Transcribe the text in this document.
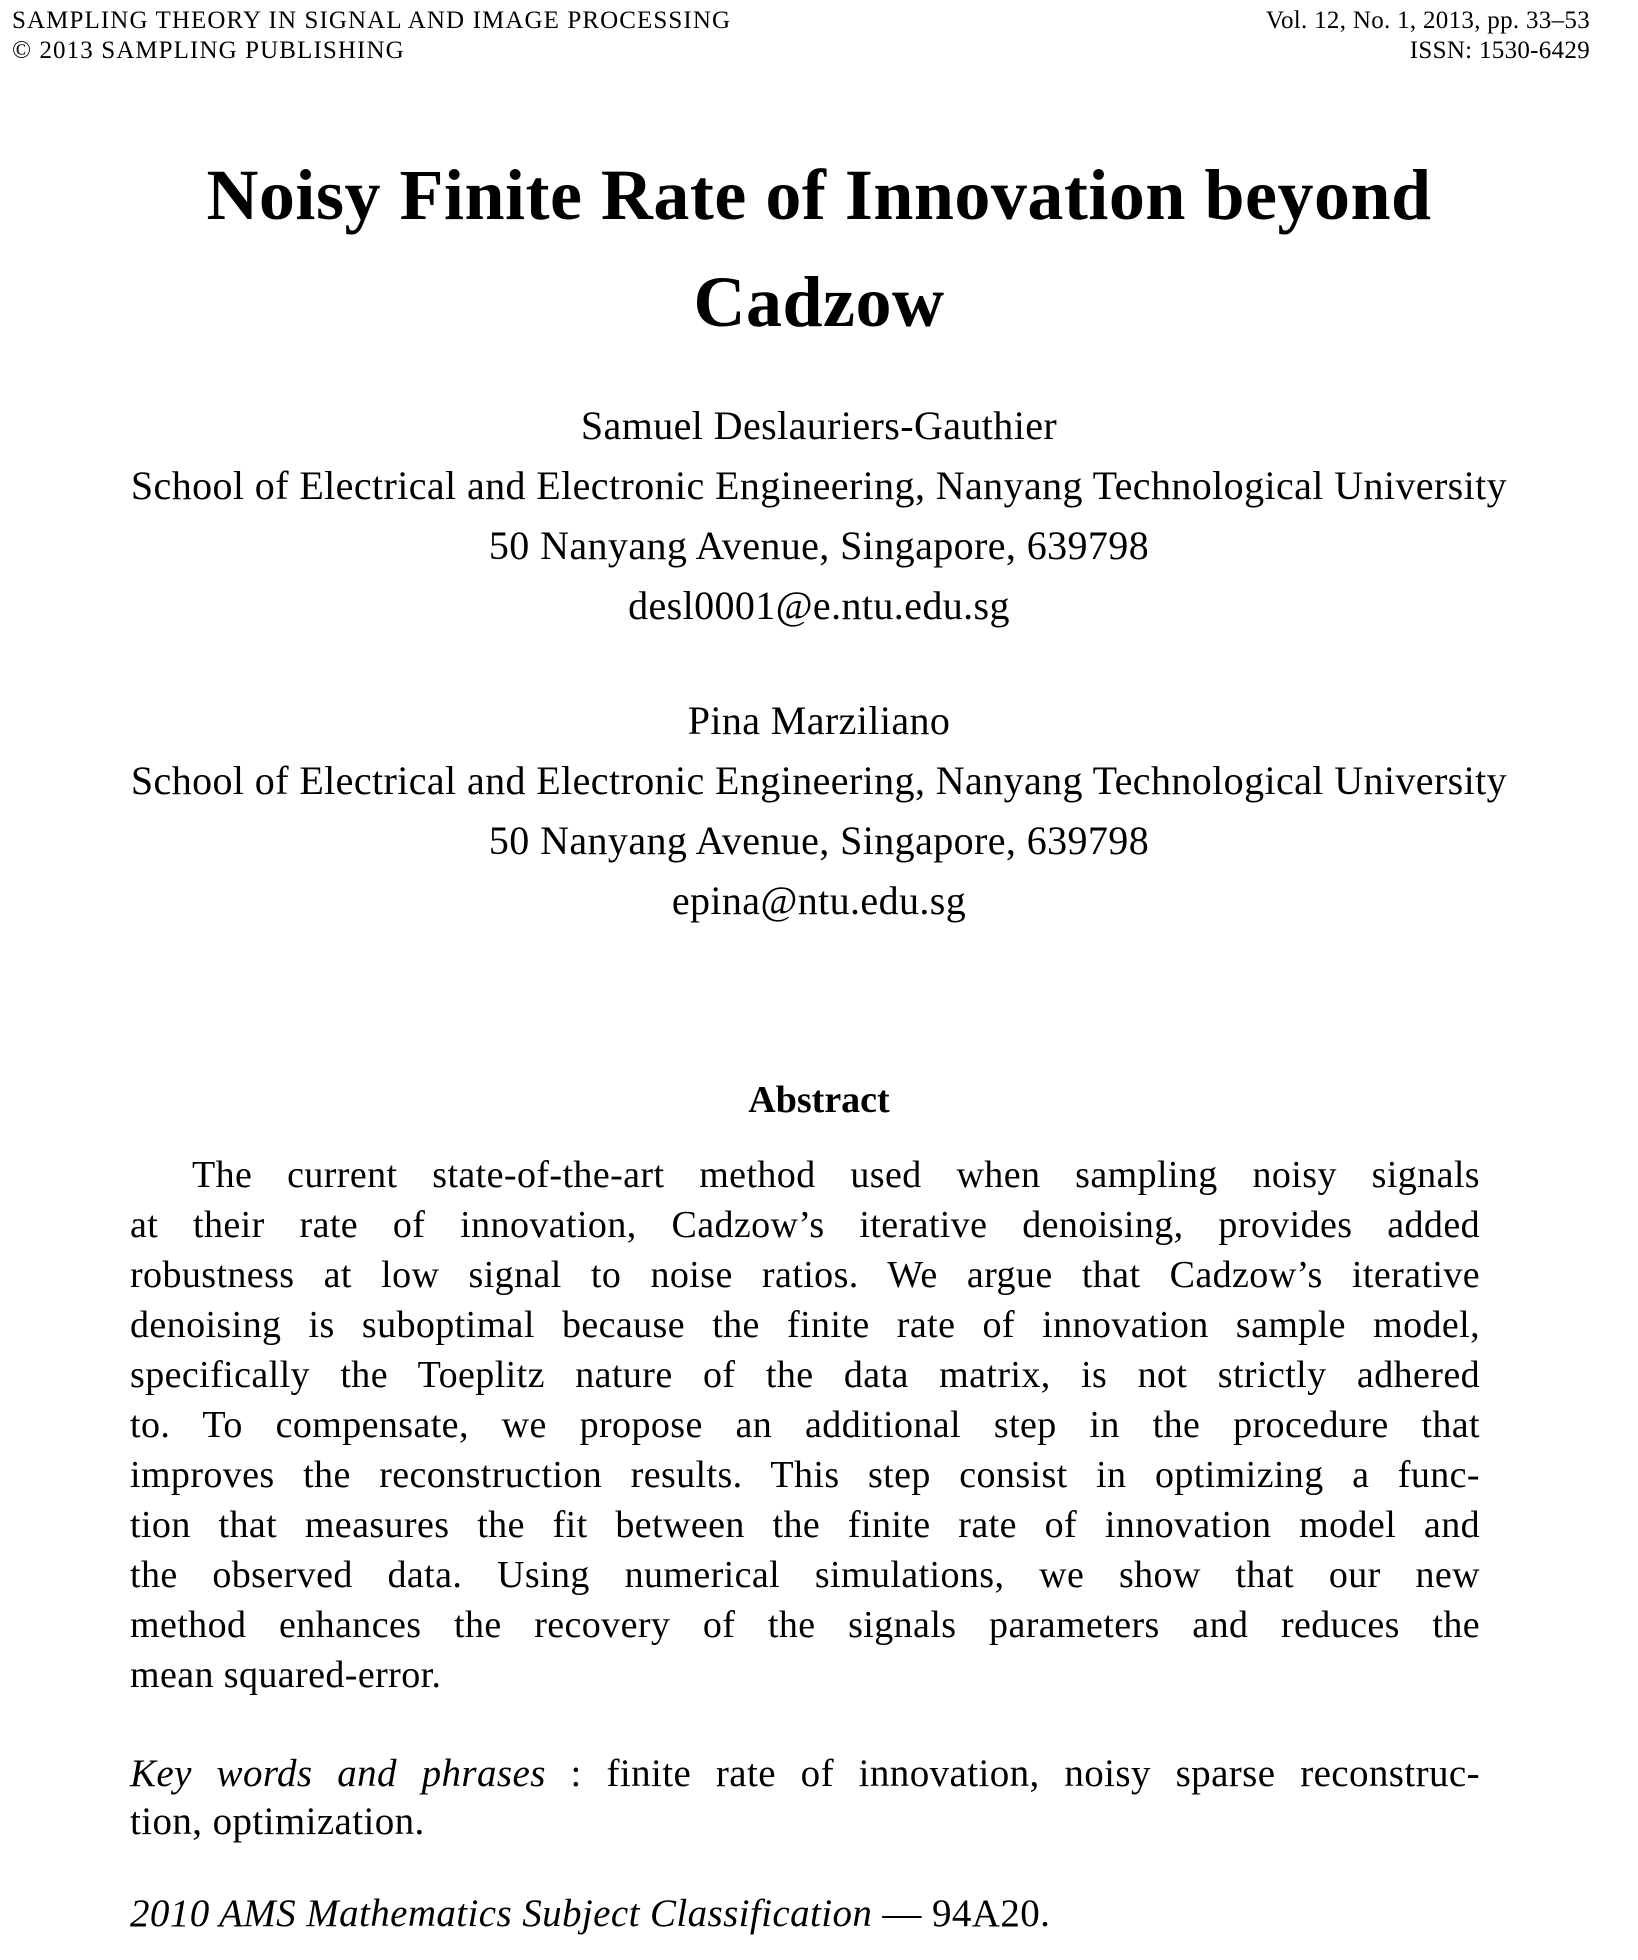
SAMPLING THEORY IN SIGNAL AND IMAGE PROCESSING
© 2013 SAMPLING PUBLISHING
Vol. 12, No. 1, 2013, pp. 33–53
ISSN: 1530-6429
Noisy Finite Rate of Innovation beyond
Cadzow
Samuel Deslauriers-Gauthier
School of Electrical and Electronic Engineering, Nanyang Technological University
50 Nanyang Avenue, Singapore, 639798
desl0001@e.ntu.edu.sg
Pina Marziliano
School of Electrical and Electronic Engineering, Nanyang Technological University
50 Nanyang Avenue, Singapore, 639798
epina@ntu.edu.sg
Abstract
The current state-of-the-art method used when sampling noisy signals
at their rate of innovation, Cadzow’s iterative denoising, provides added
robustness at low signal to noise ratios. We argue that Cadzow’s iterative
denoising is suboptimal because the finite rate of innovation sample model,
specifically the Toeplitz nature of the data matrix, is not strictly adhered
to. To compensate, we propose an additional step in the procedure that
improves the reconstruction results. This step consist in optimizing a func-
tion that measures the fit between the finite rate of innovation model and
the observed data. Using numerical simulations, we show that our new
method enhances the recovery of the signals parameters and reduces the
mean squared-error.

Key words and phrases : finite rate of innovation, noisy sparse reconstruc-

tion, optimization.

2010 AMS Mathematics Subject Classification — 94A20.
